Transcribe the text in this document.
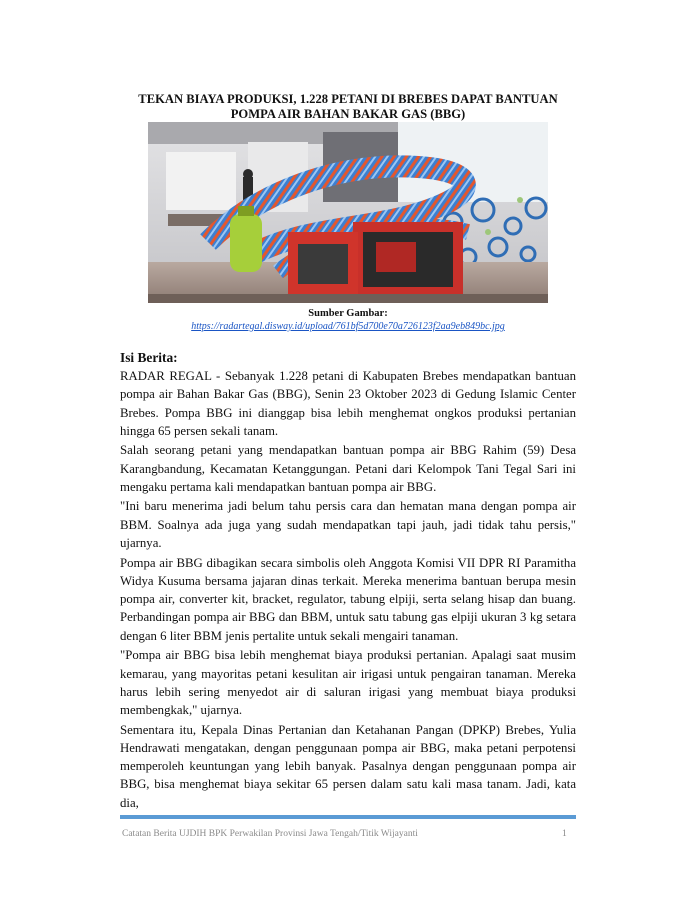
TEKAN BIAYA PRODUKSI, 1.228 PETANI DI BREBES DAPAT BANTUAN POMPA AIR BAHAN BAKAR GAS (BBG)
Sumber Gambar:
https://radartegal.disway.id/upload/761bf5d700e70a726123f2aa9eb849bc.jpg
Isi Berita:

RADAR REGAL - Sebanyak 1.228 petani di Kabupaten Brebes mendapatkan bantuan pompa air Bahan Bakar Gas (BBG), Senin 23 Oktober 2023 di Gedung Islamic Center Brebes. Pompa BBG ini dianggap bisa lebih menghemat ongkos produksi pertanian hingga 65 persen sekali tanam.

Salah seorang petani yang mendapatkan bantuan pompa air BBG Rahim (59) Desa Karangbandung, Kecamatan Ketanggungan. Petani dari Kelompok Tani Tegal Sari ini mengaku pertama kali mendapatkan bantuan pompa air BBG.

"Ini baru menerima jadi belum tahu persis cara dan hematan mana dengan pompa air BBM. Soalnya ada juga yang sudah mendapatkan tapi jauh, jadi tidak tahu persis," ujarnya.

Pompa air BBG dibagikan secara simbolis oleh Anggota Komisi VII DPR RI Paramitha Widya Kusuma bersama jajaran dinas terkait. Mereka menerima bantuan berupa mesin pompa air, converter kit, bracket, regulator, tabung elpiji, serta selang hisap dan buang. Perbandingan pompa air BBG dan BBM, untuk satu tabung gas elpiji ukuran 3 kg setara dengan 6 liter BBM jenis pertalite untuk sekali mengairi tanaman.

"Pompa air BBG bisa lebih menghemat biaya produksi pertanian. Apalagi saat musim kemarau, yang mayoritas petani kesulitan air irigasi untuk pengairan tanaman. Mereka harus lebih sering menyedot air di saluran irigasi yang membuat biaya produksi membengkak," ujarnya.

Sementara itu, Kepala Dinas Pertanian dan Ketahanan Pangan (DPKP) Brebes, Yulia Hendrawati mengatakan, dengan penggunaan pompa air BBG, maka petani perpotensi memperoleh keuntungan yang lebih banyak. Pasalnya dengan penggunaan pompa air BBG, bisa menghemat biaya sekitar 65 persen dalam satu kali masa tanam. Jadi, kata dia,

Catatan Berita UJDIH BPK Perwakilan Provinsi Jawa Tengah/Titik Wijayanti	1
